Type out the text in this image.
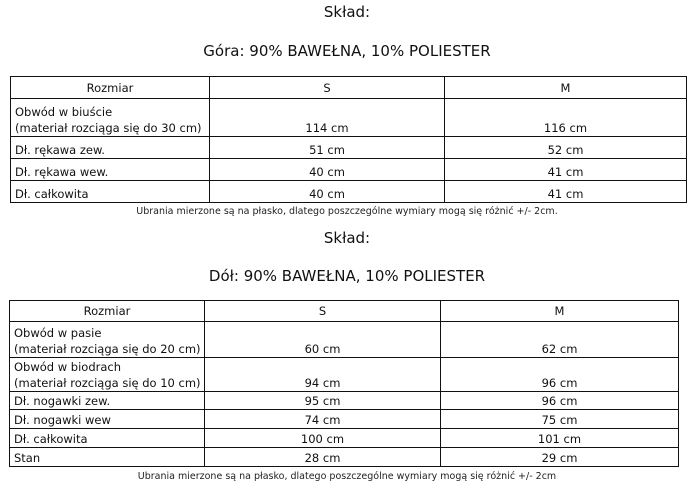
Skład:
Góra: 90% BAWEŁNA, 10% POLIESTER
Rozmiar	S	M

Obwód w biuście
(materiał rozciąga się do 30 cm)	114 cm	116 cm
Dł. rękawa zew.	51 cm	52 cm
Dł. rękawa wew.	40 cm	41 cm
Dł. całkowita	40 cm	41 cm
Ubrania mierzone są na płasko, dlatego poszczególne wymiary mogą się różnić +/- 2cm.
Skład:
Dół: 90% BAWEŁNA, 10% POLIESTER
Rozmiar	S	M

Obwód w pasie
(materiał rozciąga się do 20 cm)	60 cm	62 cm

Obwód w biodrach
(materiał rozciąga się do 10 cm)	94 cm	96 cm
Dł. nogawki zew.	95 cm	96 cm
Dł. nogawki wew	74 cm	75 cm
Dł. całkowita	100 cm	101 cm
Stan	28 cm	29 cm
Ubrania mierzone są na płasko, dlatego poszczególne wymiary mogą się różnić +/- 2cm
